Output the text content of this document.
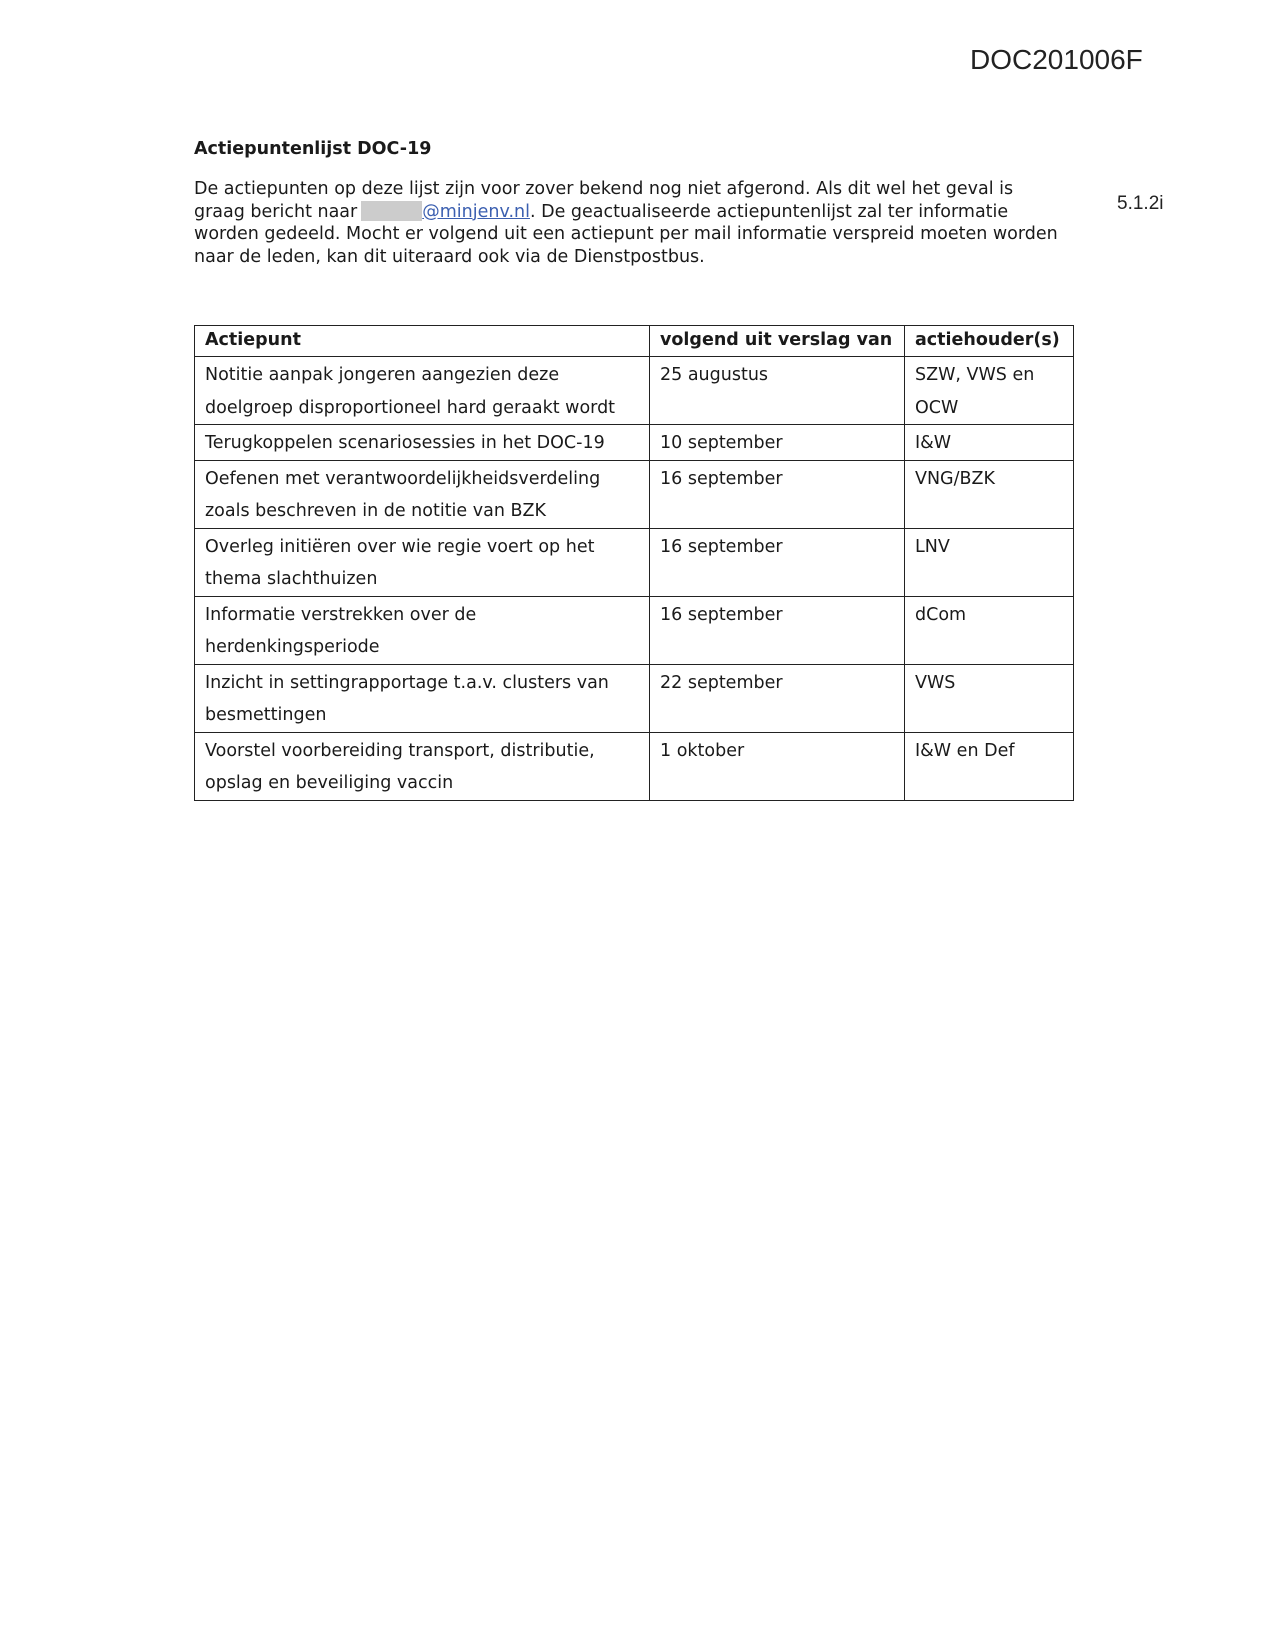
DOC201006F
5.1.2i
Actiepuntenlijst DOC-19
De actiepunten op deze lijst zijn voor zover bekend nog niet afgerond. Als dit wel het geval is
graag bericht naar	@minjenv.nl. De geactualiseerde actiepuntenlijst zal ter informatie
worden gedeeld. Mocht er volgend uit een actiepunt per mail informatie verspreid moeten worden
naar de leden, kan dit uiteraard ook via de Dienstpostbus.
Actiepunt	volgend uit verslag van	actiehouder(s)

Notitie aanpak jongeren aangezien deze
doelgroep disproportioneel hard geraakt wordt	25 augustus	SZW, VWS en
OCW

Terugkoppelen scenariosessies in het DOC-19	10 september	I&W

Oefenen met verantwoordelijkheidsverdeling
zoals beschreven in de notitie van BZK	16 september	VNG/BZK

Overleg initiëren over wie regie voert op het
thema slachthuizen	16 september	LNV

Informatie verstrekken over de
herdenkingsperiode	16 september	dCom

Inzicht in settingrapportage t.a.v. clusters van
besmettingen	22 september	VWS

Voorstel voorbereiding transport, distributie,
opslag en beveiliging vaccin	1 oktober	I&W en Def
